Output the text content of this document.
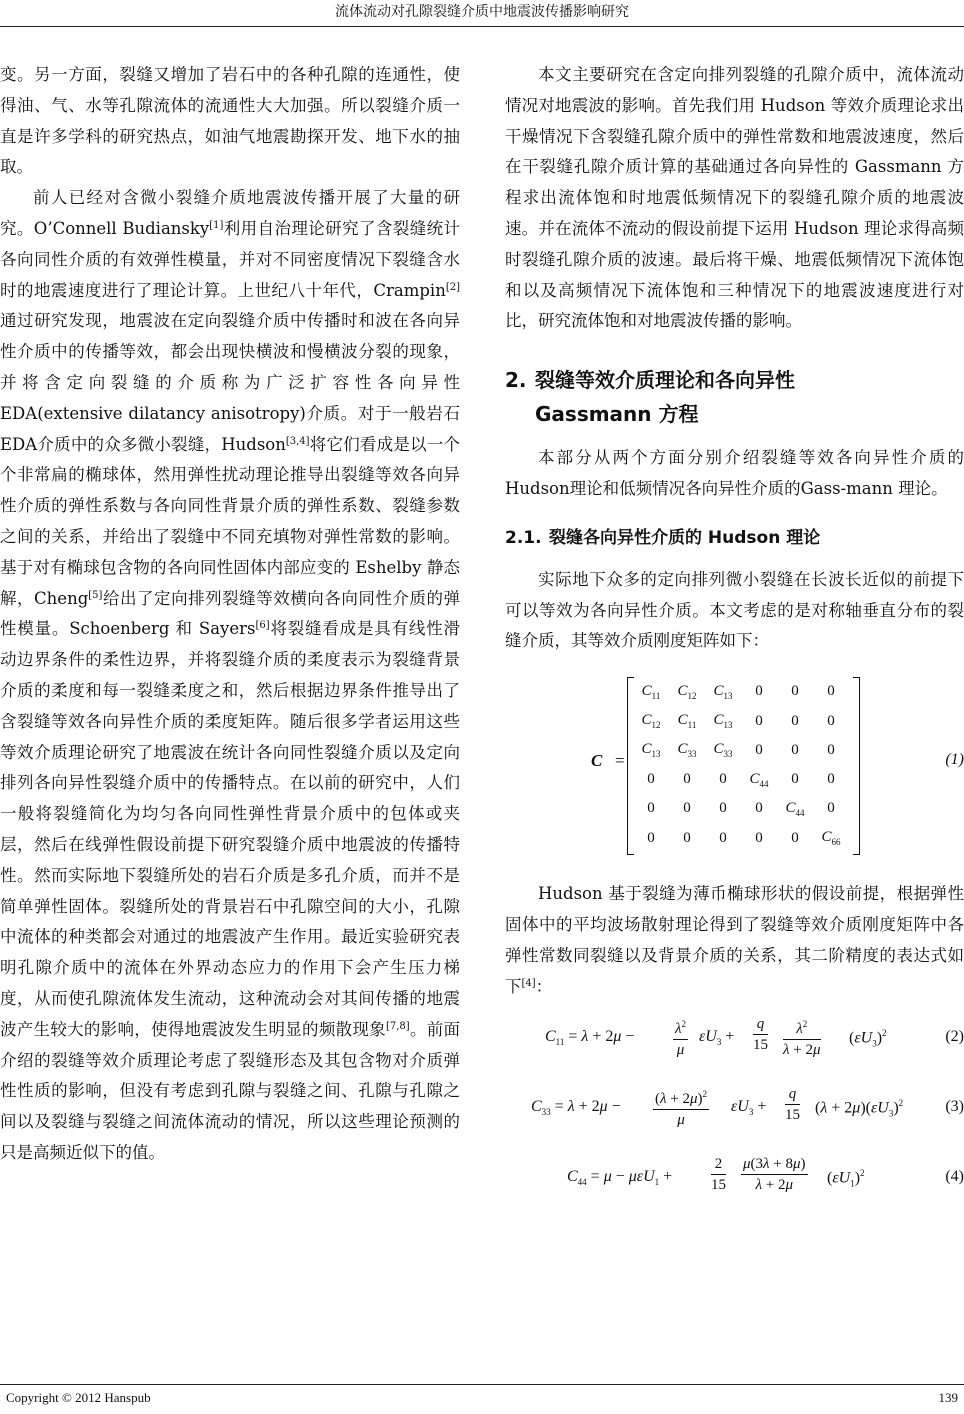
流体流动对孔隙裂缝介质中地震波传播影响研究

变。另一方面，裂缝又增加了岩石中的各种孔隙的连通性，使得油、气、水等孔隙流体的流通性大大加强。所以裂缝介质一直是许多学科的研究热点，如油气地震勘探开发、地下水的抽取。

前人已经对含微小裂缝介质地震波传播开展了大量的研究。O’Connell Budiansky[1]利用自治理论研究了含裂缝统计各向同性介质的有效弹性模量，并对不同密度情况下裂缝含水时的地震速度进行了理论计算。上世纪八十年代，Crampin[2]通过研究发现，地震波在定向裂缝介质中传播时和波在各向异性介质中的传播等效，都会出现快横波和慢横波分裂的现象，并将含定向裂缝的介质称为广泛扩容性各向异性EDA(extensive dilatancy anisotropy)介质。对于一般岩石EDA介质中的众多微小裂缝，Hudson[3,4]将它们看成是以一个个非常扁的椭球体，然用弹性扰动理论推导出裂缝等效各向异性介质的弹性系数与各向同性背景介质的弹性系数、裂缝参数之间的关系，并给出了裂缝中不同充填物对弹性常数的影响。基于对有椭球包含物的各向同性固体内部应变的 Eshelby 静态解，Cheng[5]给出了定向排列裂缝等效横向各向同性介质的弹性模量。Schoenberg 和 Sayers[6]将裂缝看成是具有线性滑动边界条件的柔性边界，并将裂缝介质的柔度表示为裂缝背景介质的柔度和每一裂缝柔度之和，然后根据边界条件推导出了含裂缝等效各向异性介质的柔度矩阵。随后很多学者运用这些等效介质理论研究了地震波在统计各向同性裂缝介质以及定向排列各向异性裂缝介质中的传播特点。在以前的研究中，人们一般将裂缝简化为均匀各向同性弹性背景介质中的包体或夹层，然后在线弹性假设前提下研究裂缝介质中地震波的传播特性。然而实际地下裂缝所处的岩石介质是多孔介质，而并不是简单弹性固体。裂缝所处的背景岩石中孔隙空间的大小，孔隙中流体的种类都会对通过的地震波产生作用。最近实验研究表明孔隙介质中的流体在外界动态应力的作用下会产生压力梯度，从而使孔隙流体发生流动，这种流动会对其间传播的地震波产生较大的影响，使得地震波发生明显的频散现象[7,8]。前面介绍的裂缝等效介质理论考虑了裂缝形态及其包含物对介质弹性性质的影响，但没有考虑到孔隙与裂缝之间、孔隙与孔隙之间以及裂缝与裂缝之间流体流动的情况，所以这些理论预测的只是高频近似下的值。

本文主要研究在含定向排列裂缝的孔隙介质中，流体流动情况对地震波的影响。首先我们用 Hudson 等效介质理论求出干燥情况下含裂缝孔隙介质中的弹性常数和地震波速度，然后在干裂缝孔隙介质计算的基础通过各向异性的 Gassmann 方程求出流体饱和时地震低频情况下的裂缝孔隙介质的地震波速。并在流体不流动的假设前提下运用 Hudson 理论求得高频时裂缝孔隙介质的波速。最后将干燥、地震低频情况下流体饱和以及高频情况下流体饱和三种情况下的地震波速度进行对比，研究流体饱和对地震波传播的影响。

2. 裂缝等效介质理论和各向异性
Gassmann 方程

本部分从两个方面分别介绍裂缝等效各向异性介质的Hudson理论和低频情况各向异性介质的Gass-mann 理论。

2.1. 裂缝各向异性介质的 Hudson 理论

实际地下众多的定向排列微小裂缝在长波长近似的前提下可以等效为各向异性介质。本文考虑的是对称轴垂直分布的裂缝介质，其等效介质刚度矩阵如下：

C =
$C_{11}$	$C_{12}$	$C_{13}$	0	0	0
$C_{12}$	$C_{11}$	$C_{13}$	0	0	0
$C_{13}$	$C_{33}$	$C_{33}$	0	0	0
0	0	0	$C_{44}$	0	0
0	0	0	0	$C_{44}$	0
0	0	0	0	0	$C_{66}$
(1)

Hudson 基于裂缝为薄币椭球形状的假设前提，根据弹性固体中的平均波场散射理论得到了裂缝等效介质刚度矩阵中各弹性常数同裂缝以及背景介质的关系，其二阶精度的表达式如下[4]：

$C_{11} = \lambda + 2\mu$ −	$\frac{\lambda^2}{\mu} \varepsilon U_3 + \frac{q}{15} \frac{\lambda^2}{\lambda + 2\mu} (\varepsilon U_3)^2$	(2)
$C_{33} = \lambda + 2\mu - \frac{(\lambda + 2\mu)^2}{\mu} \varepsilon U_3 + \frac{q}{15} (\lambda + 2\mu)(\varepsilon U_3)^2$	(3)
$C_{44} = \mu - \mu\varepsilon U_1$ +	$\frac{2}{15} \frac{\mu(3\lambda + 8\mu)}{\lambda + 2\mu} (\varepsilon U_1)^2$	(4)
Copyright © 2012 Hanspub	139
